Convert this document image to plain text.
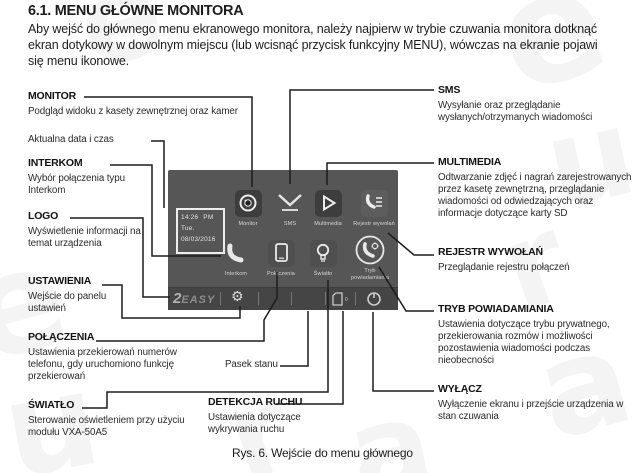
6.1. MENU GŁÓWNE MONITORA
Aby wejść do głównego menu ekranowego monitora, należy najpierw w trybie czuwania monitora dotknąć ekran dotykowy w dowolnym miejscu (lub wcisnąć przycisk funkcyjny MENU), wówczas na ekranie pojawi się menu ikonowe.
MONITOR
Podgląd widoku z kasety zewnętrznej oraz kamer
Aktualna data i czas
INTERKOM
Wybór połączenia typu Interkom
LOGO
Wyświetlenie informacji na temat urządzenia
USTAWIENIA
Wejście do panelu ustawień
POŁĄCZENIA
Ustawienia przekierowań numerów telefonu, gdy uruchomiono funkcję przekierowań
ŚWIATŁO
Sterowanie oświetleniem przy użyciu modułu VXA-50A5
SMS
Wysyłanie oraz przeglądanie wysłanych/otrzymanych wiadomości
MULTIMEDIA
Odtwarzanie zdjęć i nagrań zarejestrowanych przez kasetę zewnętrzną, przeglądanie wiadomości od odwiedzających oraz informacje dotyczące karty SD
REJESTR WYWOŁAŃ
Przeglądanie rejestru połączeń
TRYB POWIADAMIANIA
Ustawienia dotyczące trybu prywatnego, przekierowania rozmów i możliwości pozostawienia wiadomości podczas nieobecności
WYŁĄCZ
Wyłączenie ekranu i przejście urządzenia w stan czuwania
Pasek stanu
DETEKCJA RUCHU
Ustawienia dotyczące wykrywania ruchu
14:26 PM
Tue.
08/03/2016
Monitor	SMS	Multimedia	Rejestr wywołań
Interkom	Połączenia	Światło	Tryb powiadamiania
2EASY ⚙	0
Rys. 6. Wejście do menu głównego
